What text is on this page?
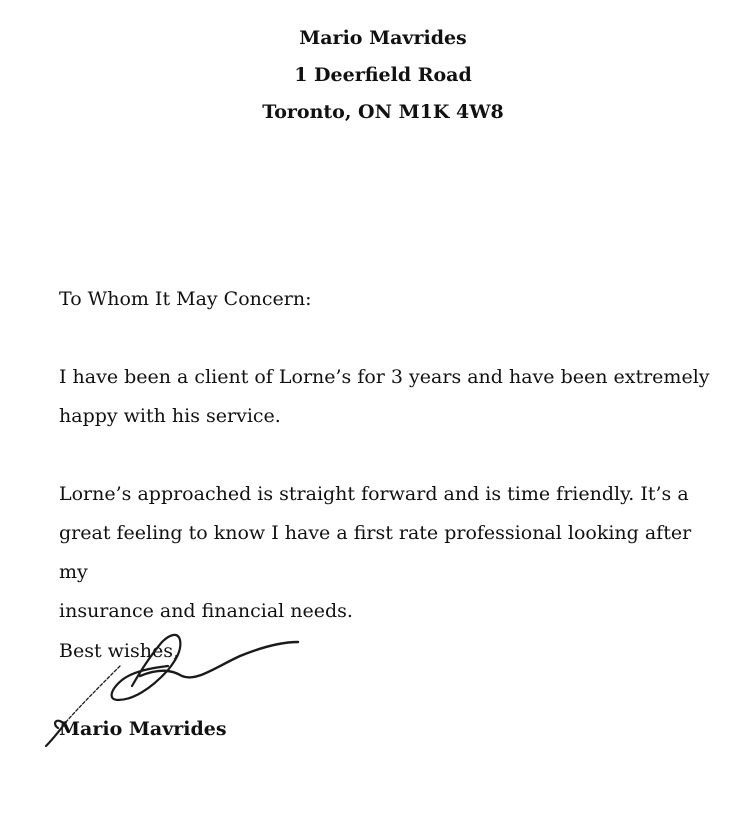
Mario Mavrides
1 Deerfield Road
Toronto, ON M1K 4W8
To Whom It May Concern:
I have been a client of Lorne’s for 3 years and have been extremely
happy with his service.
Lorne’s approached is straight forward and is time friendly. It’s a
great feeling to know I have a first rate professional looking after my
insurance and financial needs.
Best wishes,
Mario Mavrides
